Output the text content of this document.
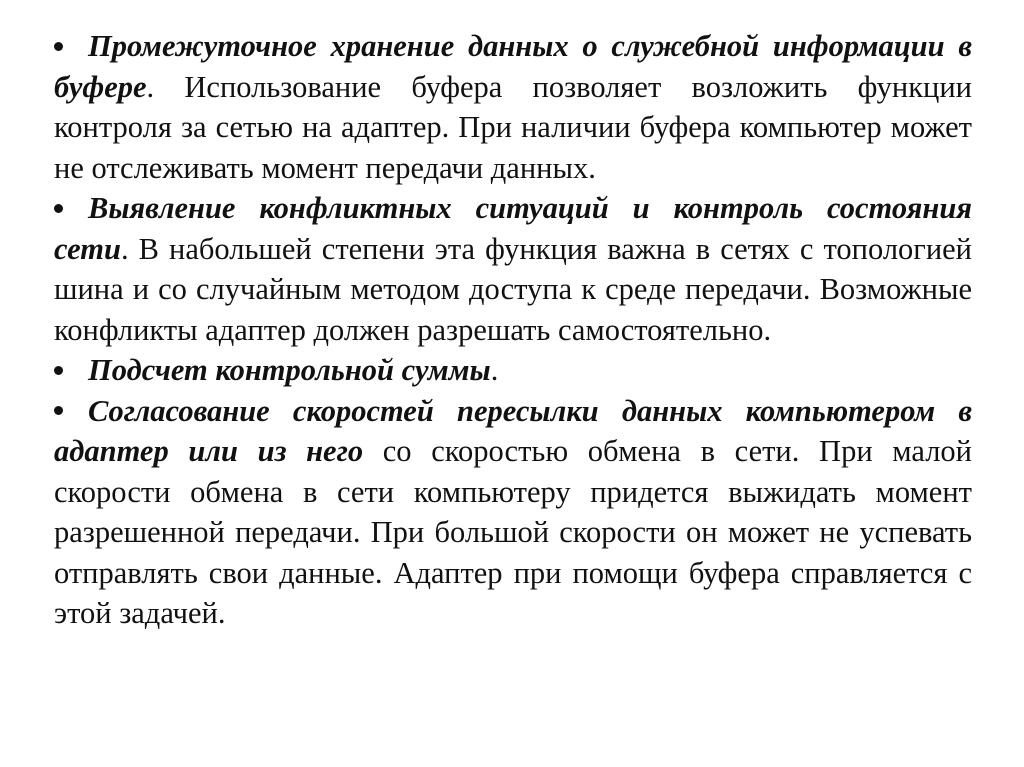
Промежуточное хранение данных о служебной информации в буфере. Использование буфера позволяет возложить функции контроля за сетью на адаптер. При наличии буфера компьютер может не отслеживать момент передачи данных.

Выявление конфликтных ситуаций и контроль состояния сети. В набольшей степени эта функция важна в сетях с топологией шина и со случайным методом доступа к среде передачи. Возможные конфликты адаптер должен разрешать самостоятельно.

Подсчет контрольной суммы.

Согласование скоростей пересылки данных компьютером в адаптер или из него со скоростью обмена в сети. При малой скорости обмена в сети компьютеру придется выжидать момент разрешенной передачи. При большой скорости он может не успевать отправлять свои данные. Адаптер при помощи буфера справляется с этой задачей.
